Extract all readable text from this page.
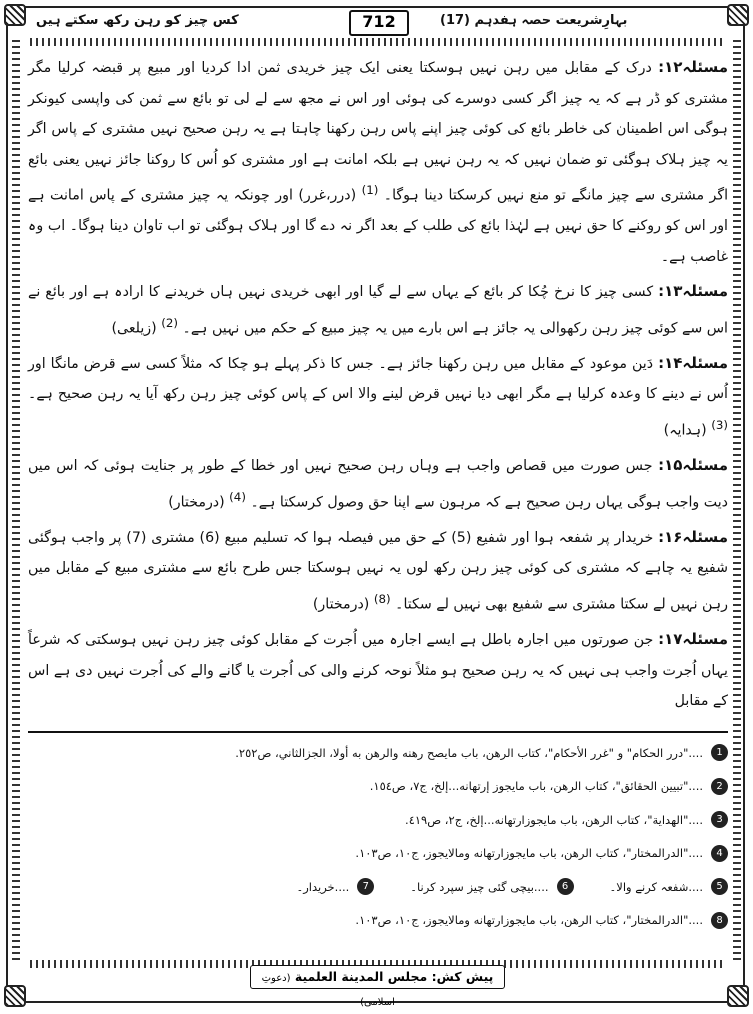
بہارِشریعت حصہ ہفدہم (17)
712
کس چیز کو رہن رکھ سکتے ہیں

مسئلہ۱۲: درک کے مقابل میں رہن نہیں ہوسکتا یعنی ایک چیز خریدی ثمن ادا کردیا اور مبیع پر قبضہ کرلیا مگر مشتری کو ڈر ہے کہ یہ چیز اگر کسی دوسرے کی ہوئی اور اس نے مجھ سے لے لی تو بائع سے ثمن کی واپسی کیونکر ہوگی اس اطمینان کی خاطر بائع کی کوئی چیز اپنے پاس رہن رکھنا چاہتا ہے یہ رہن صحیح نہیں مشتری کے پاس اگر یہ چیز ہلاک ہوگئی تو ضمان نہیں کہ یہ رہن نہیں ہے بلکہ امانت ہے اور مشتری کو اُس کا روکنا جائز نہیں یعنی بائع اگر مشتری سے چیز مانگے تو منع نہیں کرسکتا دینا ہوگا۔ $^{(1)}$ (درر،غرر) اور چونکہ یہ چیز مشتری کے پاس امانت ہے اور اس کو روکنے کا حق نہیں ہے لہٰذا بائع کی طلب کے بعد اگر نہ دے گا اور ہلاک ہوگئی تو اب تاوان دینا ہوگا۔ اب وہ غاصب ہے۔

مسئلہ۱۳: کسی چیز کا نرخ چُکا کر بائع کے یہاں سے لے گیا اور ابھی خریدی نہیں ہاں خریدنے کا ارادہ ہے اور بائع نے اس سے کوئی چیز رہن رکھوالی یہ جائز ہے اس بارے میں یہ چیز مبیع کے حکم میں نہیں ہے۔ $^{(2)}$ (زیلعی)

مسئلہ۱۴: دَین موعود کے مقابل میں رہن رکھنا جائز ہے۔ جس کا ذکر پہلے ہو چکا کہ مثلاً کسی سے قرض مانگا اور اُس نے دینے کا وعدہ کرلیا ہے مگر ابھی دیا نہیں قرض لینے والا اس کے پاس کوئی چیز رہن رکھ آیا یہ رہن صحیح ہے۔ $^{(3)}$ (ہدایہ)

مسئلہ۱۵: جس صورت میں قصاص واجب ہے وہاں رہن صحیح نہیں اور خطا کے طور پر جنایت ہوئی کہ اس میں دیت واجب ہوگی یہاں رہن صحیح ہے کہ مرہون سے اپنا حق وصول کرسکتا ہے۔ $^{(4)}$ (درمختار)

مسئلہ۱۶: خریدار پر شفعہ ہوا اور شفیع (5) کے حق میں فیصلہ ہوا کہ تسلیم مبیع (6) مشتری (7) پر واجب ہوگئی شفیع یہ چاہے کہ مشتری کی کوئی چیز رہن رکھ لوں یہ نہیں ہوسکتا جس طرح بائع سے مشتری مبیع کے مقابل میں رہن نہیں لے سکتا مشتری سے شفیع بھی نہیں لے سکتا۔ $^{(8)}$ (درمختار)

مسئلہ۱۷: جن صورتوں میں اجارہ باطل ہے ایسے اجارہ میں اُجرت کے مقابل کوئی چیز رہن نہیں ہوسکتی کہ شرعاً یہاں اُجرت واجب ہی نہیں کہ یہ رہن صحیح ہو مثلاً نوحہ کرنے والی کی اُجرت یا گانے والے کی اُجرت نہیں دی ہے اس کے مقابل

1
...."درر الحكام" و "غرر الأحكام"، كتاب الرهن، باب مايصح رهنه والرهن به أولا، الجزالثاني، ص٢٥٢.
2
...."تبيين الحقائق"، كتاب الرهن، باب مايجوز إرتهانه...إلخ، ج٧، ص١٥٤.
3
...."الهداية"، كتاب الرهن، باب مايجوزارتهانه...إلخ، ج٢، ص٤١٩.
4
...."الدرالمختار"، كتاب الرهن، باب مايجوزارتهانه ومالايجوز، ج١٠، ص١٠٣.
5
....شفعہ کرنے والا۔
6
....بیچی گئی چیز سپرد کرنا۔
7
....خریدار۔
8
...."الدرالمختار"، كتاب الرهن، باب مايجوزارتهانه ومالايجوز، ج١٠، ص١٠٣.
پیش کش: مجلس المدينة العلمية (دعوتِ اسلامی)
